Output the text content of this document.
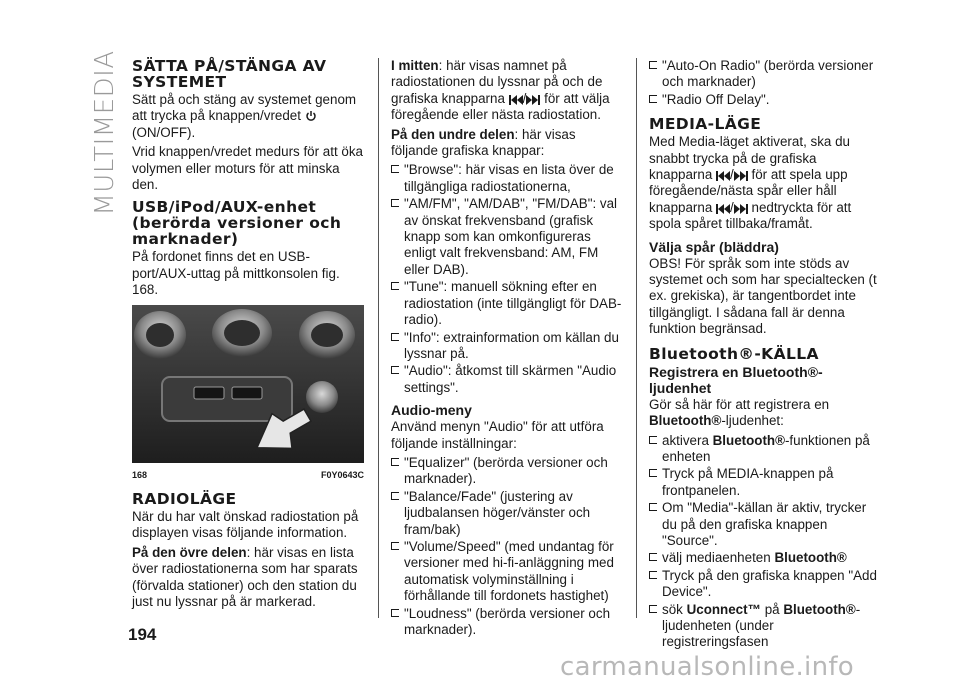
MULTIMEDIA
194
carmanualsonline.info
SÄTTA PÅ/STÄNGA AV SYSTEMET

Sätt på och stäng av systemet genom att trycka på knappen/vredet  (ON/OFF).

Vrid knappen/vredet medurs för att öka volymen eller moturs för att minska den.

USB/iPod/AUX-enhet (berörda versioner och marknader)

På fordonet finns det en USB-port/AUX-uttag på mittkonsolen fig. 168.

168	F0Y0643C
RADIOLÄGE

När du har valt önskad radiostation på displayen visas följande information.

På den övre delen: här visas en lista över radiostationerna som har sparats (förvalda stationer) och den station du just nu lyssnar på är markerad.

I mitten: här visas namnet på radiostationen du lyssnar på och de grafiska knapparna / för att välja föregående eller nästa radiostation.

På den undre delen: här visas följande grafiska knappar:

"Browse": här visas en lista över de tillgängliga radiostationerna,
"AM/FM", "AM/DAB", "FM/DAB": val av önskat frekvensband (grafisk knapp som kan omkonfigureras enligt valt frekvensband: AM, FM eller DAB).
"Tune": manuell sökning efter en radiostation (inte tillgängligt för DAB-radio).
"Info": extrainformation om källan du lyssnar på.
"Audio": åtkomst till skärmen "Audio settings".
Audio-meny

Använd menyn "Audio" för att utföra följande inställningar:

"Equalizer" (berörda versioner och marknader).
"Balance/Fade" (justering av ljudbalansen höger/vänster och fram/bak)
"Volume/Speed" (med undantag för versioner med hi-fi-anläggning med automatisk volyminställning i förhållande till fordonets hastighet)
"Loudness" (berörda versioner och marknader).
"Auto-On Radio" (berörda versioner och marknader)
"Radio Off Delay".
MEDIA-LÄGE

Med Media-läget aktiverat, ska du snabbt trycka på de grafiska knapparna / för att spela upp föregående/nästa spår eller håll knapparna / nedtryckta för att spola spåret tillbaka/framåt.

Välja spår (bläddra)

OBS! För språk som inte stöds av systemet och som har specialtecken (t ex. grekiska), är tangentbordet inte tillgängligt. I sådana fall är denna funktion begränsad.

Bluetooth®-KÄLLA
Registrera en Bluetooth®-ljudenhet

Gör så här för att registrera en Bluetooth®-ljudenhet:

aktivera Bluetooth®-funktionen på enheten
Tryck på MEDIA-knappen på frontpanelen.
Om "Media"-källan är aktiv, trycker du på den grafiska knappen "Source".
välj mediaenheten Bluetooth®
Tryck på den grafiska knappen "Add Device".
sök Uconnect™ på Bluetooth®-ljudenheten (under registreringsfasen
